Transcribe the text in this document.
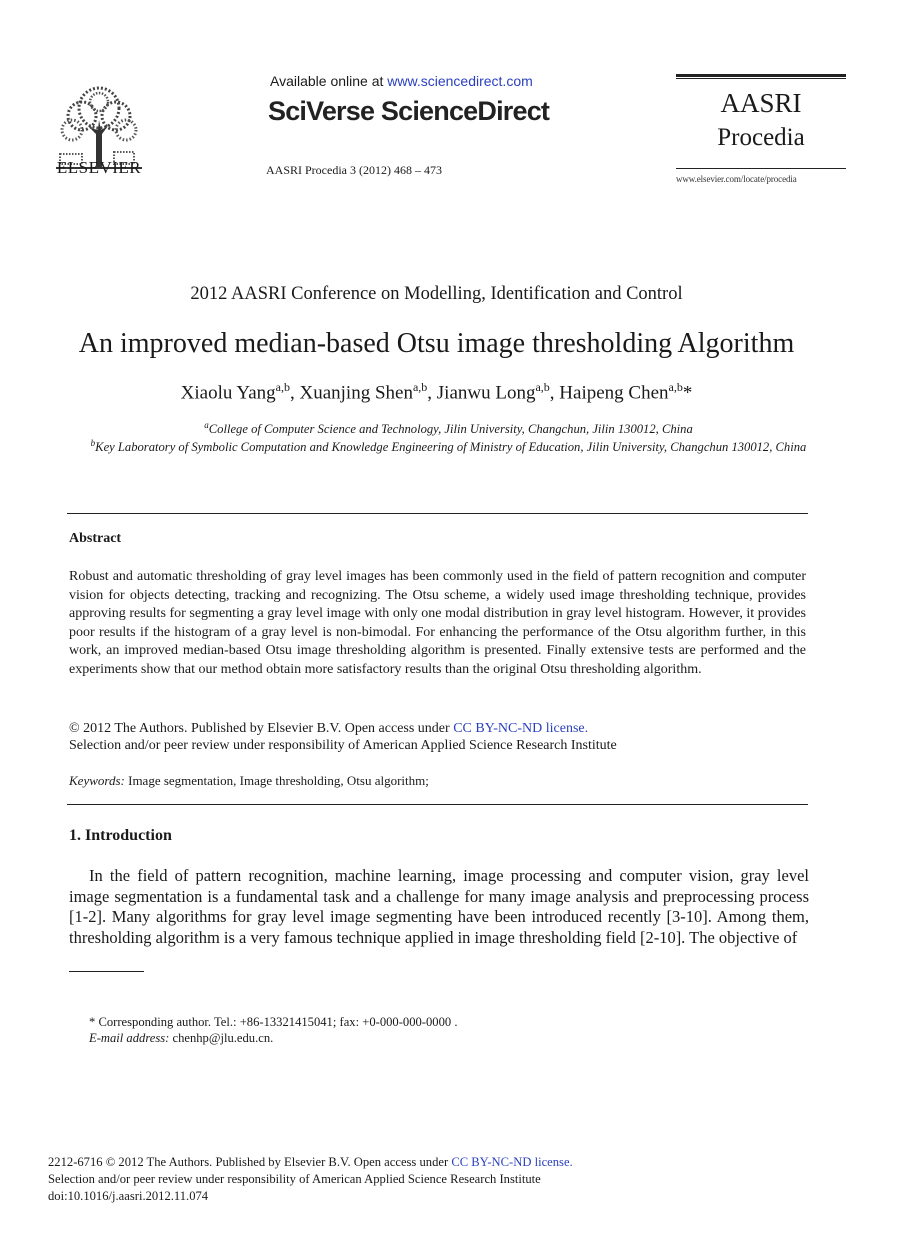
ELSEVIER
Available online at www.sciencedirect.com
SciVerse ScienceDirect
AASRI Procedia 3 (2012) 468 – 473
AASRI
Procedia
www.elsevier.com/locate/procedia
2012 AASRI Conference on Modelling, Identification and Control
An improved median-based Otsu image thresholding Algorithm
Xiaolu Yang$^{a,b}$, Xuanjing Shen$^{a,b}$, Jianwu Long$^{a,b}$, Haipeng Chen$^{a,b}$*
$^a$College of Computer Science and Technology, Jilin University, Changchun, Jilin 130012, China
$^b$Key Laboratory of Symbolic Computation and Knowledge Engineering of Ministry of Education, Jilin University, Changchun 130012, China
Abstract
Robust and automatic thresholding of gray level images has been commonly used in the field of pattern recognition and computer vision for objects detecting, tracking and recognizing. The Otsu scheme, a widely used image thresholding technique, provides approving results for segmenting a gray level image with only one modal distribution in gray level histogram. However, it provides poor results if the histogram of a gray level is non-bimodal. For enhancing the performance of the Otsu algorithm further, in this work, an improved median-based Otsu image thresholding algorithm is presented. Finally extensive tests are performed and the experiments show that our method obtain more satisfactory results than the original Otsu thresholding algorithm.
© 2012 The Authors. Published by Elsevier B.V. Open access under CC BY-NC-ND license.
Selection and/or peer review under responsibility of American Applied Science Research Institute
Keywords: Image segmentation, Image thresholding, Otsu algorithm;
1. Introduction
In the field of pattern recognition, machine learning, image processing and computer vision, gray level image segmentation is a fundamental task and a challenge for many image analysis and preprocessing process [1-2]. Many algorithms for gray level image segmenting have been introduced recently [3-10]. Among them, thresholding algorithm is a very famous technique applied in image thresholding field [2-10]. The objective of
* Corresponding author. Tel.: +86-13321415041; fax: +0-000-000-0000 .
E-mail address: chenhp@jlu.edu.cn.
2212-6716 © 2012 The Authors. Published by Elsevier B.V. Open access under CC BY-NC-ND license.
Selection and/or peer review under responsibility of American Applied Science Research Institute
doi:10.1016/j.aasri.2012.11.074
